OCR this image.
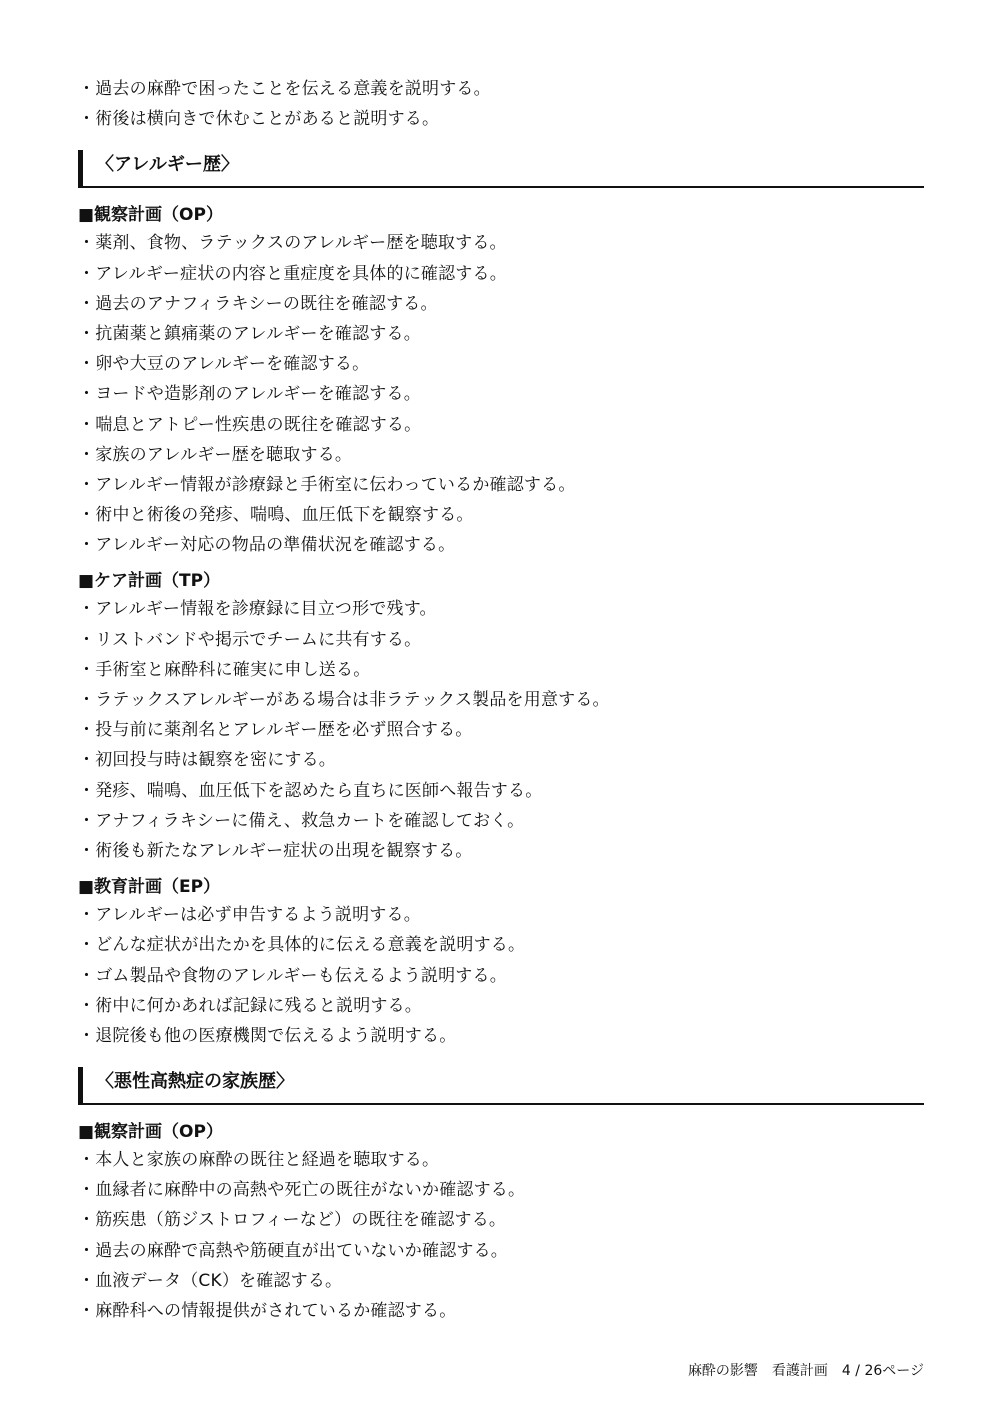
・過去の麻酔で困ったことを伝える意義を説明する。
・術後は横向きで休むことがあると説明する。
〈アレルギー歴〉
■観察計画（OP）
・薬剤、食物、ラテックスのアレルギー歴を聴取する。
・アレルギー症状の内容と重症度を具体的に確認する。
・過去のアナフィラキシーの既往を確認する。
・抗菌薬と鎮痛薬のアレルギーを確認する。
・卵や大豆のアレルギーを確認する。
・ヨードや造影剤のアレルギーを確認する。
・喘息とアトピー性疾患の既往を確認する。
・家族のアレルギー歴を聴取する。
・アレルギー情報が診療録と手術室に伝わっているか確認する。
・術中と術後の発疹、喘鳴、血圧低下を観察する。
・アレルギー対応の物品の準備状況を確認する。
■ケア計画（TP）
・アレルギー情報を診療録に目立つ形で残す。
・リストバンドや掲示でチームに共有する。
・手術室と麻酔科に確実に申し送る。
・ラテックスアレルギーがある場合は非ラテックス製品を用意する。
・投与前に薬剤名とアレルギー歴を必ず照合する。
・初回投与時は観察を密にする。
・発疹、喘鳴、血圧低下を認めたら直ちに医師へ報告する。
・アナフィラキシーに備え、救急カートを確認しておく。
・術後も新たなアレルギー症状の出現を観察する。
■教育計画（EP）
・アレルギーは必ず申告するよう説明する。
・どんな症状が出たかを具体的に伝える意義を説明する。
・ゴム製品や食物のアレルギーも伝えるよう説明する。
・術中に何かあれば記録に残ると説明する。
・退院後も他の医療機関で伝えるよう説明する。
〈悪性高熱症の家族歴〉
■観察計画（OP）
・本人と家族の麻酔の既往と経過を聴取する。
・血縁者に麻酔中の高熱や死亡の既往がないか確認する。
・筋疾患（筋ジストロフィーなど）の既往を確認する。
・過去の麻酔で高熱や筋硬直が出ていないか確認する。
・血液データ（CK）を確認する。
・麻酔科への情報提供がされているか確認する。
麻酔の影響　看護計画　4 / 26ページ
